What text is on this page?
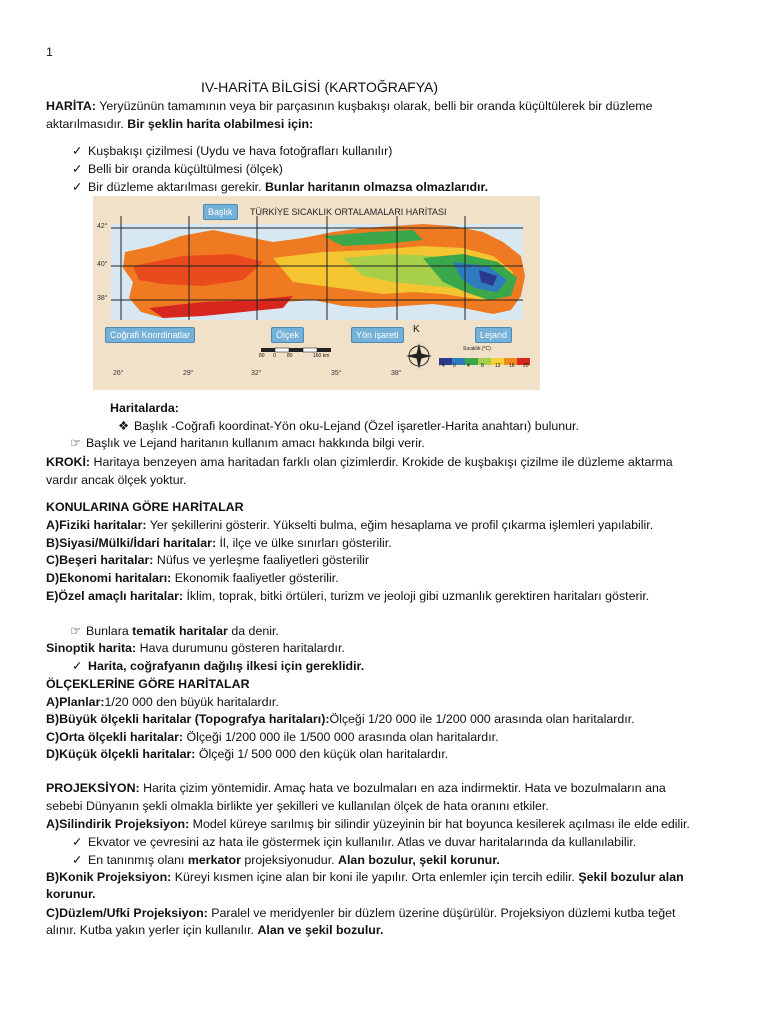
1
IV-HARİTA BİLGİSİ (KARTOĞRAFYA)
HARİTA: Yeryüzünün tamamının veya bir parçasının kuşbakışı olarak, belli bir oranda küçültülerek bir düzleme
aktarılmasıdır. Bir şeklin harita olabilmesi için:
✓ Kuşbakışı çizilmesi (Uydu ve hava fotoğrafları kullanılır)
✓ Belli bir oranda küçültülmesi (ölçek)
✓ Bir düzleme aktarılması gerekir. Bunlar haritanın olmazsa olmazlarıdır.
TÜRKİYE SICAKLIK ORTALAMALARI HARİTASI
Başlık
Coğrafi Koordinatlar	Ölçek	Yön işareti	Lejand
42°
40°
38°
26°	29°	32°	35°	38°
80 0 80	160 km
K
Sıcaklık (°C)
- 4 0 4 8 12 16 20
Haritalarda:
❖ Başlık -Coğrafi koordinat-Yön oku-Lejand (Özel işaretler-Harita anahtarı) bulunur.
☞ Başlık ve Lejand haritanın kullanım amacı hakkında bilgi verir.
KROKİ: Haritaya benzeyen ama haritadan farklı olan çizimlerdir. Krokide de kuşbakışı çizilme ile düzleme aktarma
vardır ancak ölçek yoktur.
KONULARINA GÖRE HARİTALAR
A)Fiziki haritalar: Yer şekillerini gösterir. Yükselti bulma, eğim hesaplama ve profil çıkarma işlemleri yapılabilir.
B)Siyasi/Mülki/İdari haritalar: İl, ilçe ve ülke sınırları gösterilir.
C)Beşeri haritalar: Nüfus ve yerleşme faaliyetleri gösterilir
D)Ekonomi haritaları: Ekonomik faaliyetler gösterilir.
E)Özel amaçlı haritalar: İklim, toprak, bitki örtüleri, turizm ve jeoloji gibi uzmanlık gerektiren haritaları gösterir.
☞ Bunlara tematik haritalar da denir.
Sinoptik harita: Hava durumunu gösteren haritalardır.
✓ Harita, coğrafyanın dağılış ilkesi için gereklidir.
ÖLÇEKLERİNE GÖRE HARİTALAR
A)Planlar:1/20 000 den büyük haritalardır.
B)Büyük ölçekli haritalar (Topografya haritaları):Ölçeği 1/20 000 ile 1/200 000 arasında olan haritalardır.
C)Orta ölçekli haritalar: Ölçeği 1/200 000 ile 1/500 000 arasında olan haritalardır.
D)Küçük ölçekli haritalar: Ölçeği 1/ 500 000 den küçük olan haritalardır.
PROJEKSİYON: Harita çizim yöntemidir. Amaç hata ve bozulmaları en aza indirmektir. Hata ve bozulmaların ana
sebebi Dünyanın şekli olmakla birlikte yer şekilleri ve kullanılan ölçek de hata oranını etkiler.
A)Silindirik Projeksiyon: Model küreye sarılmış bir silindir yüzeyinin bir hat boyunca kesilerek açılması ile elde edilir.
✓ Ekvator ve çevresini az hata ile göstermek için kullanılır. Atlas ve duvar haritalarında da kullanılabilir.
✓ En tanınmış olanı merkator projeksiyonudur. Alan bozulur, şekil korunur.
B)Konik Projeksiyon: Küreyi kısmen içine alan bir koni ile yapılır. Orta enlemler için tercih edilir. Şekil bozulur alan
korunur.
C)Düzlem/Ufki Projeksiyon: Paralel ve meridyenler bir düzlem üzerine düşürülür. Projeksiyon düzlemi kutba teğet
alınır. Kutba yakın yerler için kullanılır. Alan ve şekil bozulur.
